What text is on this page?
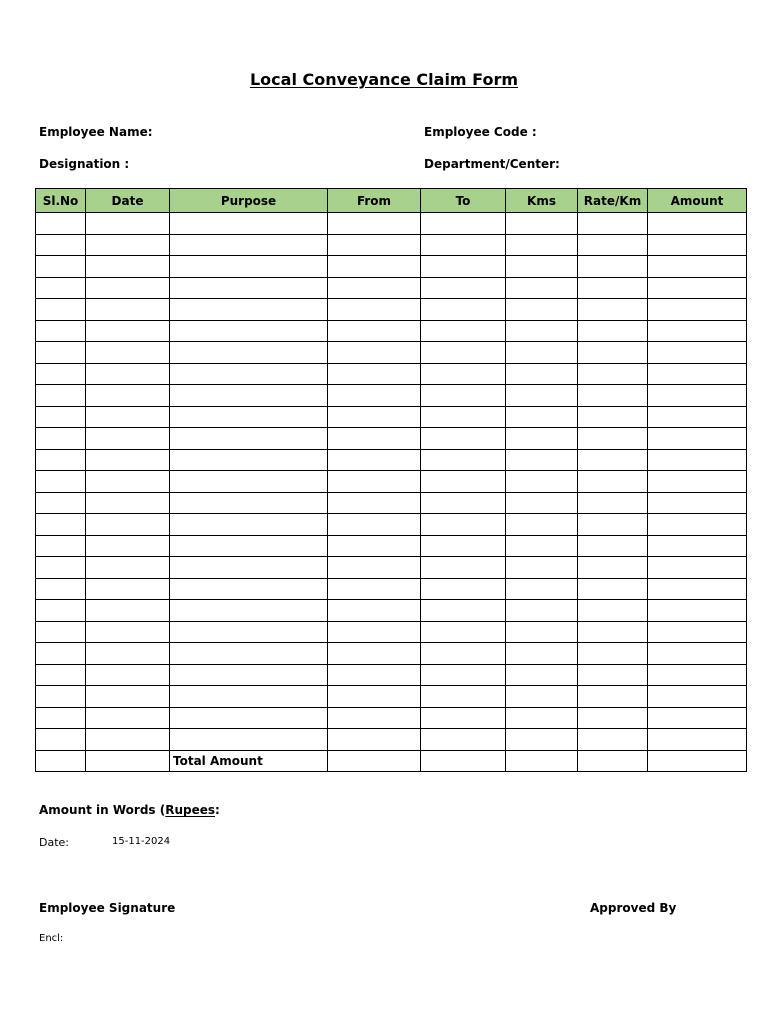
Local Conveyance Claim Form
Employee Name:	Employee Code :
Designation :	Department/Center:
Sl.No	Date	Purpose	From	To	Kms	Rate/Km	Amount

		Total Amount					
Amount in Words (Rupees:
Date:	15-11-2024
Employee Signature	Approved By
Encl:
